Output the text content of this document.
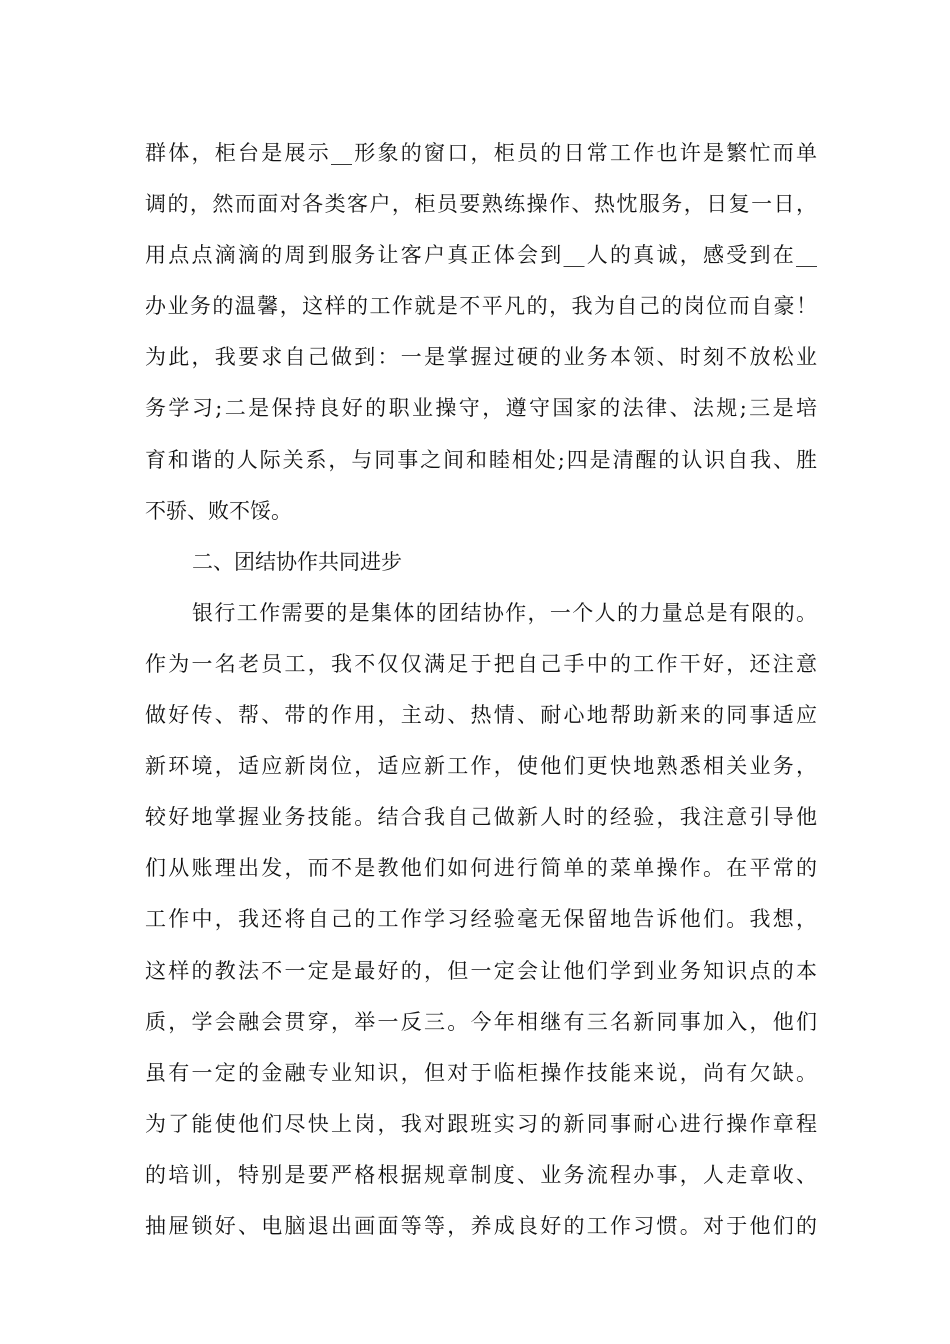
群体，柜台是展示__形象的窗口，柜员的日常工作也许是繁忙而单
调的，然而面对各类客户，柜员要熟练操作、热忱服务，日复一日，
用点点滴滴的周到服务让客户真正体会到__人的真诚，感受到在__
办业务的温馨，这样的工作就是不平凡的，我为自己的岗位而自豪！
为此，我要求自己做到：一是掌握过硬的业务本领、时刻不放松业
务学习;二是保持良好的职业操守，遵守国家的法律、法规;三是培
育和谐的人际关系，与同事之间和睦相处;四是清醒的认识自我、胜
不骄、败不馁。
二、团结协作共同进步
银行工作需要的是集体的团结协作，一个人的力量总是有限的。
作为一名老员工，我不仅仅满足于把自己手中的工作干好，还注意
做好传、帮、带的作用，主动、热情、耐心地帮助新来的同事适应
新环境，适应新岗位，适应新工作，使他们更快地熟悉相关业务，
较好地掌握业务技能。结合我自己做新人时的经验，我注意引导他
们从账理出发，而不是教他们如何进行简单的菜单操作。在平常的
工作中，我还将自己的工作学习经验毫无保留地告诉他们。我想，
这样的教法不一定是最好的，但一定会让他们学到业务知识点的本
质，学会融会贯穿，举一反三。今年相继有三名新同事加入，他们
虽有一定的金融专业知识，但对于临柜操作技能来说，尚有欠缺。
为了能使他们尽快上岗，我对跟班实习的新同事耐心进行操作章程
的培训，特别是要严格根据规章制度、业务流程办事，人走章收、
抽屉锁好、电脑退出画面等等，养成良好的工作习惯。对于他们的
